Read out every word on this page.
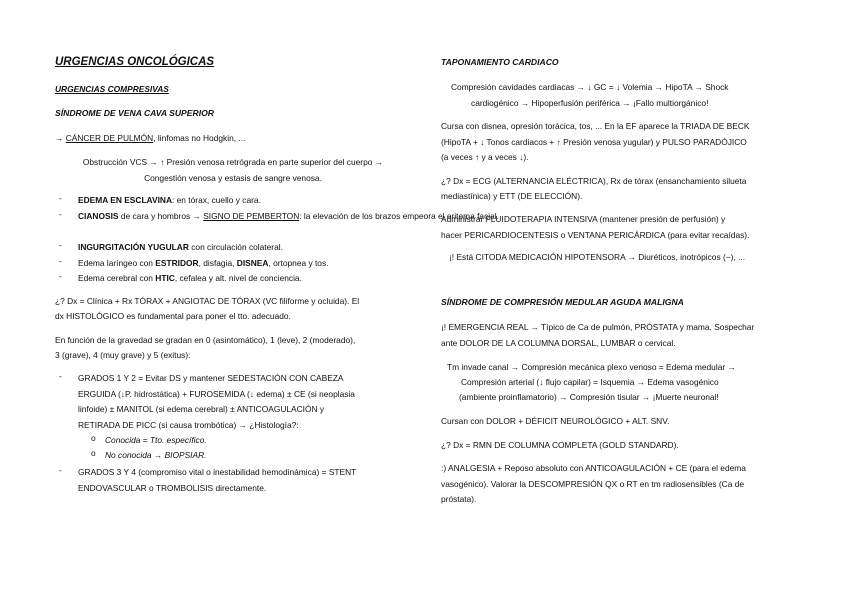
URGENCIAS ONCOLÓGICAS

URGENCIAS COMPRESIVAS

SÍNDROME DE VENA CAVA SUPERIOR

→ CÁNCER DE PULMÓN, linfomas no Hodgkin, ...

Obstrucción VCS → ↑ Presión venosa retrógrada en parte superior del cuerpo → Congestión venosa y estasis de sangre venosa.

- EDEMA EN ESCLAVINA: en tórax, cuello y cara.

- CIANOSIS de cara y hombros → SIGNO DE PEMBERTON: la elevación de los brazos empeora el eritema facial.

- INGURGITACIÓN YUGULAR con circulación colateral.

- Edema laríngeo con ESTRIDOR, disfagia, DISNEA, ortopnea y tos.

- Edema cerebral con HTIC, cefalea y alt. nivel de conciencia.

¿? Dx = Clínica + Rx TÓRAX + ANGIOTAC DE TÓRAX (VC filiforme y ocluida). El

dx HISTOLÓGICO es fundamental para poner el tto. adecuado.

En función de la gravedad se gradan en 0 (asintomático), 1 (leve), 2 (moderado),

3 (grave), 4 (muy grave) y 5 (exitus):

- GRADOS 1 Y 2 = Evitar DS y mantener SEDESTACIÓN CON CABEZA

ERGUIDA (↓P. hidrostática) + FUROSEMIDA (↓ edema) ± CE (si neoplasia

linfoide) ± MANITOL (si edema cerebral) ± ANTICOAGULACIÓN y

RETIRADA DE PICC (si causa trombótica) → ¿Histología?:

o Conocida = Tto. específico.

o No conocida → BIOPSIAR.

- GRADOS 3 Y 4 (compromiso vital o inestabilidad hemodinámica) = STENT

ENDOVASCULAR o TROMBOLISIS directamente.

TAPONAMIENTO CARDIACO

Compresión cavidades cardiacas → ↓ GC = ↓ Volemia → HipoTA → Shock

cardiogénico → Hipoperfusión periférica → ¡Fallo multiorgánico!

Cursa con disnea, opresión torácica, tos, ... En la EF aparece la TRIADA DE BECK

(HipoTA + ↓ Tonos cardiacos + ↑ Presión venosa yugular) y PULSO PARADÓJICO

(a veces ↑ y a veces ↓).

¿? Dx = ECG (ALTERNANCIA ELÉCTRICA), Rx de tórax (ensanchamiento silueta

mediastínica) y ETT (DE ELECCIÓN).

Administrar FLUIDOTERAPIA INTENSIVA (mantener presión de perfusión) y

hacer PERICARDIOCENTESIS o VENTANA PERICÁRDICA (para evitar recaídas).

¡! Está CITODA MEDICACIÓN HIPOTENSORA → Diuréticos, inotrópicos (−), ...

SÍNDROME DE COMPRESIÓN MEDULAR AGUDA MALIGNA

¡! EMERGENCIA REAL → Típico de Ca de pulmón, PRÓSTATA y mama. Sospechar

ante DOLOR DE LA COLUMNA DORSAL, LUMBAR o cervical.

Tm invade canal → Compresión mecánica plexo venoso = Edema medular →

Compresión arterial (↓ flujo capilar) = Isquemia → Edema vasogénico

(ambiente proinflamatorio) → Compresión tisular → ¡Muerte neuronal!

Cursan con DOLOR + DÉFICIT NEUROLÓGICO + ALT. SNV.

¿? Dx = RMN DE COLUMNA COMPLETA (GOLD STANDARD).

:) ANALGESIA + Reposo absoluto con ANTICOAGULACIÓN + CE (para el edema

vasogénico). Valorar la DESCOMPRESIÓN QX o RT en tm radiosensibles (Ca de

próstata).
